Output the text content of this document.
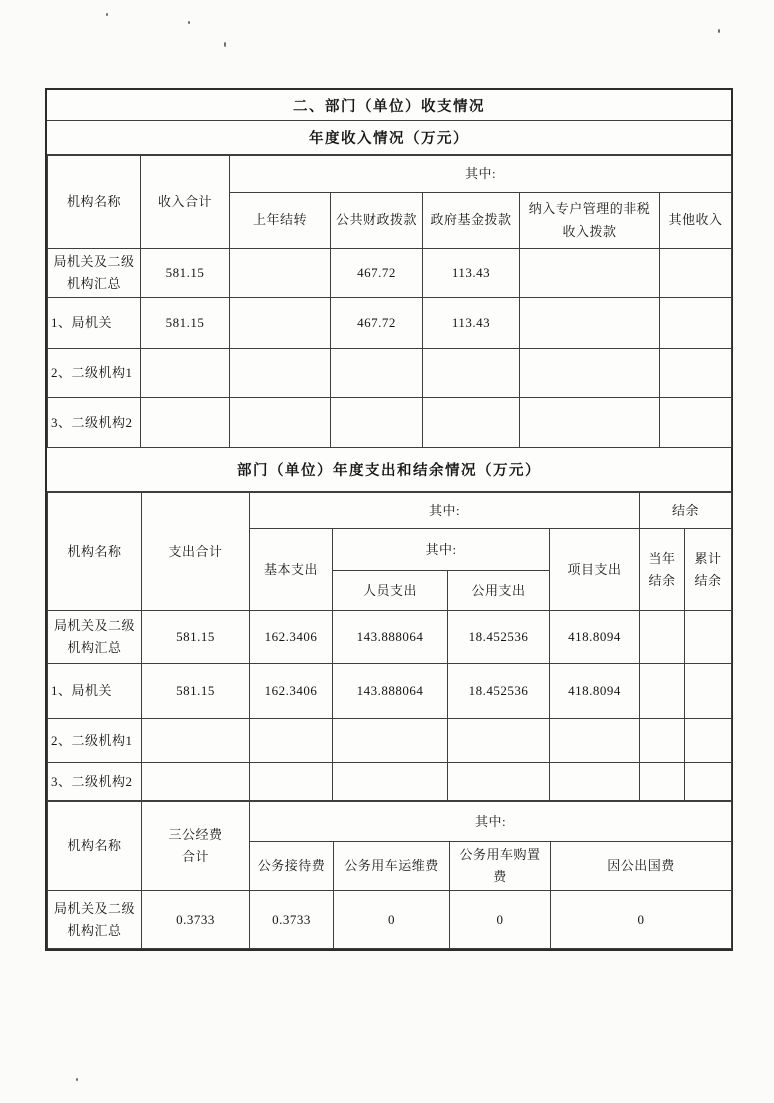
二、部门（单位）收支情况
年度收入情况（万元）
机构名称	收入合计	其中:				
		上年结转	公共财政拨款	政府基金拨款	纳入专户管理的非税收入拨款	其他收入
局机关及二级机构汇总	581.15		467.72	113.43		
1、局机关	581.15		467.72	113.43		
2、二级机构1						
3、二级机构2						
部门（单位）年度支出和结余情况（万元）
机构名称	支出合计	其中:				结余	
		基本支出	其中:		项目支出	当年结余	累计结余
			人员支出	公用支出			
局机关及二级机构汇总	581.15	162.3406	143.888064	18.452536	418.8094		
1、局机关	581.15	162.3406	143.888064	18.452536	418.8094		
2、二级机构1							
3、二级机构2							
机构名称	三公经费合计	其中:			
		公务接待费	公务用车运维费	公务用车购置费	因公出国费
局机关及二级机构汇总	0.3733	0.3733	0	0	0
